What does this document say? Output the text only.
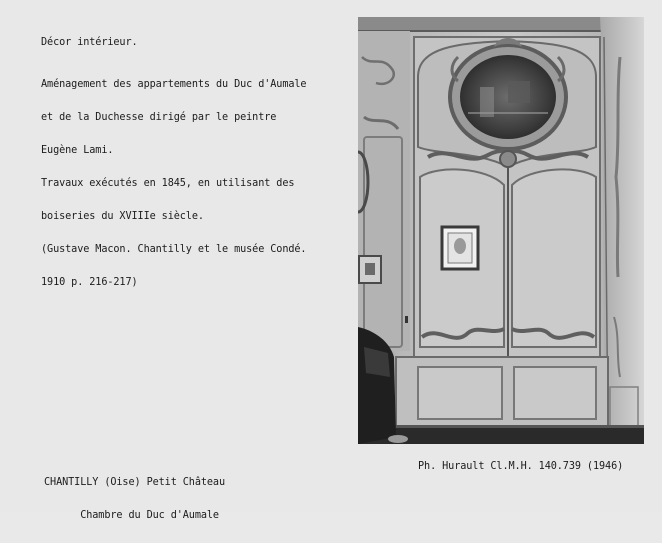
Décor intérieur.

Aménagement des appartements du Duc d'Aumale

et de la Duchesse dirigé par le peintre

Eugène Lami.

Travaux exécutés en 1845, en utilisant des

boiseries du XVIIIe siècle.

(Gustave Macon. Chantilly et le musée Condé.

1910 p. 216-217)

CHANTILLY (Oise) Petit Château

Chambre du Duc d'Aumale

Ph. Hurault Cl.M.H. 140.739 (1946)
